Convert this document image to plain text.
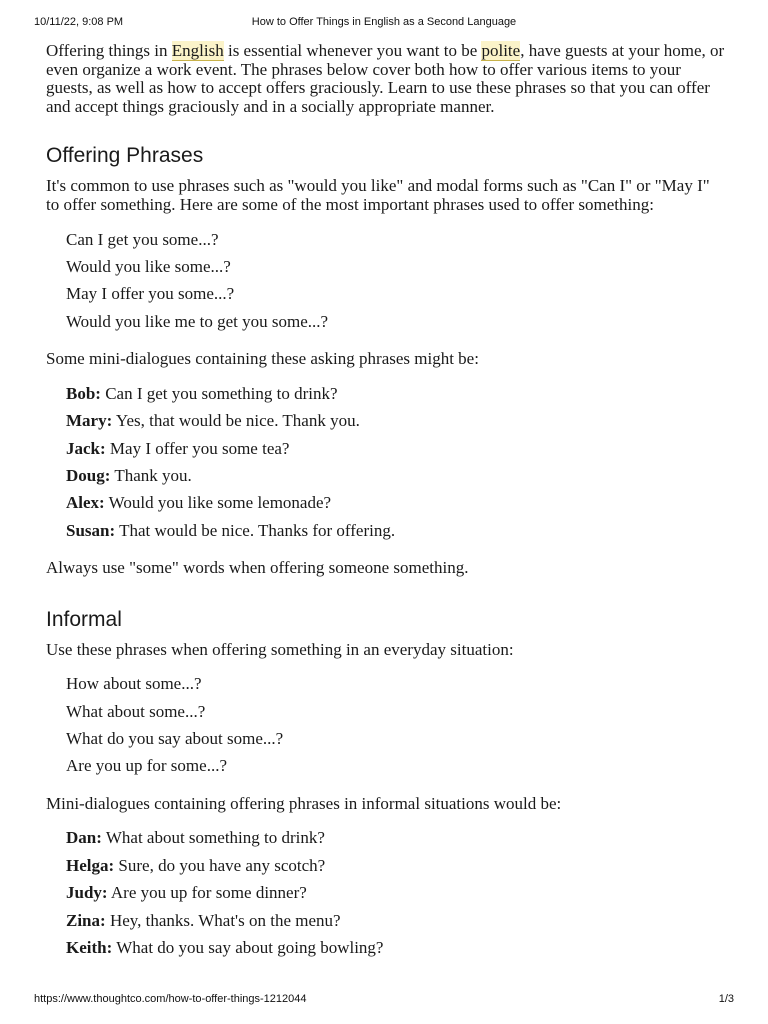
10/11/22, 9:08 PM	How to Offer Things in English as a Second Language

Offering things in English is essential whenever you want to be polite, have guests at your home, or even organize a work event. The phrases below cover both how to offer various items to your guests, as well as how to accept offers graciously. Learn to use these phrases so that you can offer and accept things graciously and in a socially appropriate manner.

Offering Phrases

It's common to use phrases such as "would you like" and modal forms such as "Can I" or "May I" to offer something. Here are some of the most important phrases used to offer something:

Can I get you some...?
Would you like some...?
May I offer you some...?
Would you like me to get you some...?

Some mini-dialogues containing these asking phrases might be:

Bob: Can I get you something to drink?
Mary: Yes, that would be nice. Thank you.
Jack: May I offer you some tea?
Doug: Thank you.
Alex: Would you like some lemonade?
Susan: That would be nice. Thanks for offering.

Always use "some" words when offering someone something.

Informal

Use these phrases when offering something in an everyday situation:

How about some...?
What about some...?
What do you say about some...?
Are you up for some...?

Mini-dialogues containing offering phrases in informal situations would be:

Dan: What about something to drink?
Helga: Sure, do you have any scotch?
Judy: Are you up for some dinner?
Zina: Hey, thanks. What's on the menu?
Keith: What do you say about going bowling?
https://www.thoughtco.com/how-to-offer-things-1212044	1/3
